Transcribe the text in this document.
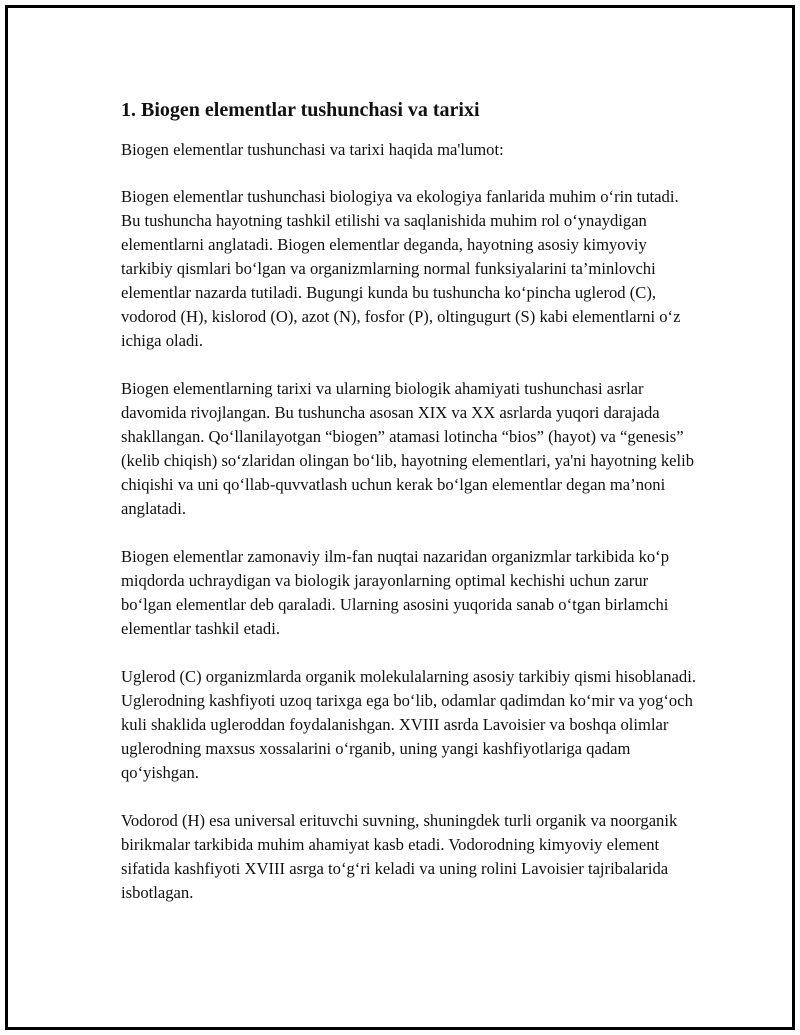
1. Biogen elementlar tushunchasi va tarixi

Biogen elementlar tushunchasi va tarixi haqida ma'lumot:

Biogen elementlar tushunchasi biologiya va ekologiya fanlarida muhim o‘rin tutadi. Bu tushuncha hayotning tashkil etilishi va saqlanishida muhim rol o‘ynaydigan elementlarni anglatadi. Biogen elementlar deganda, hayotning asosiy kimyoviy tarkibiy qismlari bo‘lgan va organizmlarning normal funksiyalarini ta’minlovchi elementlar nazarda tutiladi. Bugungi kunda bu tushuncha ko‘pincha uglerod (C), vodorod (H), kislorod (O), azot (N), fosfor (P), oltingugurt (S) kabi elementlarni o‘z ichiga oladi.

Biogen elementlarning tarixi va ularning biologik ahamiyati tushunchasi asrlar davomida rivojlangan. Bu tushuncha asosan XIX va XX asrlarda yuqori darajada shakllangan. Qo‘llanilayotgan “biogen” atamasi lotincha “bios” (hayot) va “genesis” (kelib chiqish) so‘zlaridan olingan bo‘lib, hayotning elementlari, ya'ni hayotning kelib chiqishi va uni qo‘llab-quvvatlash uchun kerak bo‘lgan elementlar degan ma’noni anglatadi.

Biogen elementlar zamonaviy ilm-fan nuqtai nazaridan organizmlar tarkibida ko‘p miqdorda uchraydigan va biologik jarayonlarning optimal kechishi uchun zarur bo‘lgan elementlar deb qaraladi. Ularning asosini yuqorida sanab o‘tgan birlamchi elementlar tashkil etadi.

Uglerod (C) organizmlarda organik molekulalarning asosiy tarkibiy qismi hisoblanadi. Uglerodning kashfiyoti uzoq tarixga ega bo‘lib, odamlar qadimdan ko‘mir va yog‘och kuli shaklida ugleroddan foydalanishgan. XVIII asrda Lavoisier va boshqa olimlar uglerodning maxsus xossalarini o‘rganib, uning yangi kashfiyotlariga qadam qo‘yishgan.

Vodorod (H) esa universal erituvchi suvning, shuningdek turli organik va noorganik birikmalar tarkibida muhim ahamiyat kasb etadi. Vodorodning kimyoviy element sifatida kashfiyoti XVIII asrga to‘g‘ri keladi va uning rolini Lavoisier tajribalarida isbotlagan.
